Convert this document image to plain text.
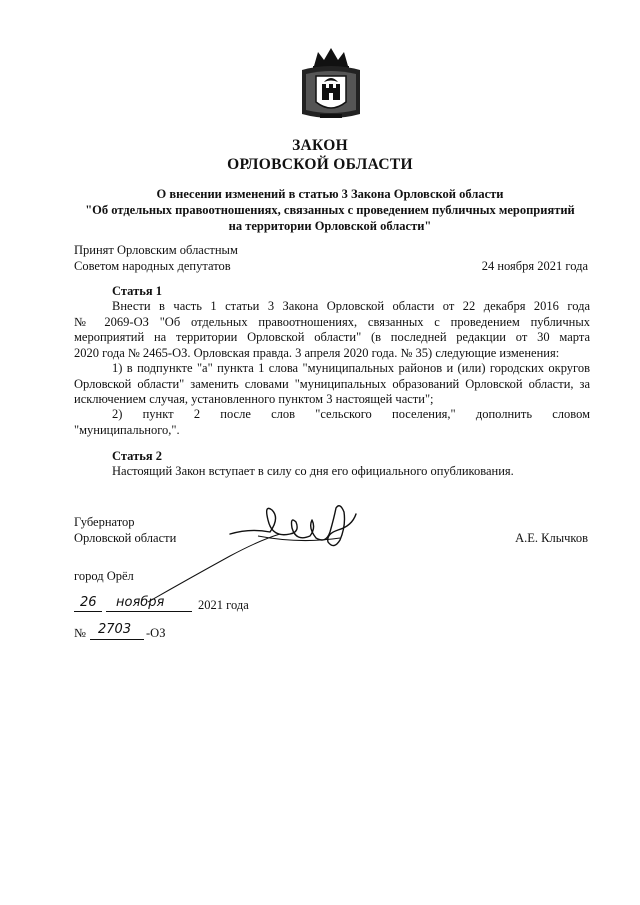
ЗАКОН
ОРЛОВСКОЙ ОБЛАСТИ
О внесении изменений в статью 3 Закона Орловской области
"Об отдельных правоотношениях, связанных с проведением публичных мероприятий
на территории Орловской области"
Принят Орловским областным
Советом народных депутатов	24 ноября 2021 года
Статья 1
Внести в часть 1 статьи 3 Закона Орловской области от 22 декабря 2016 года
№ 2069-ОЗ "Об отдельных правоотношениях, связанных с проведением публичных
мероприятий на территории Орловской области" (в последней редакции от 30 марта
2020 года № 2465-ОЗ. Орловская правда. 3 апреля 2020 года. № 35) следующие изменения:
1) в подпункте "а" пункта 1 слова "муниципальных районов и (или) городских округов
Орловской области" заменить словами "муниципальных образований Орловской области, за
исключением случая, установленного пунктом 3 настоящей части";
2) пункт 2 после слов "сельского поселения," дополнить словом
"муниципального,".
Статья 2
Настоящий Закон вступает в силу со дня его официального опубликования.
Губернатор
Орловской области	А.Е. Клычков
город Орёл
26 ноября	2021 года
№ 2703 -ОЗ
